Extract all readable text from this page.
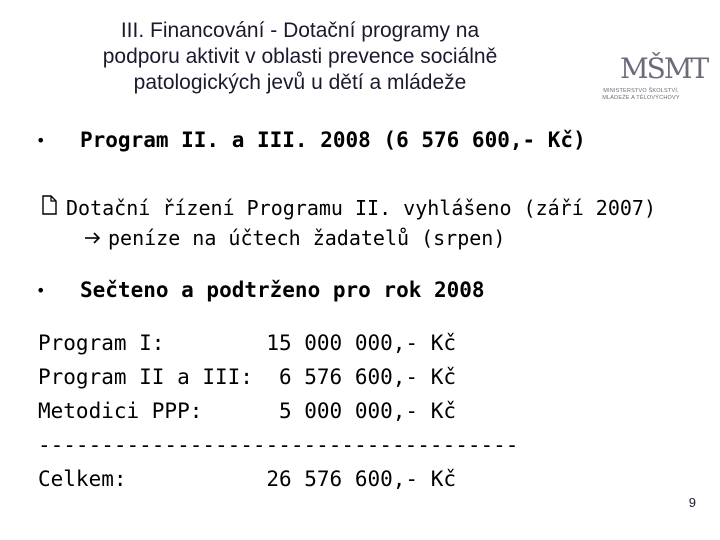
III. Financování - Dotační programy na
podporu aktivit v oblasti prevence sociálně
patologických jevů u dětí a mládeže	MŠMT
MINISTERSTVO ŠKOLSTVÍ,
MLÁDEŽE A TĚLOVÝCHOVY
• Program II. a III. 2008 (6 576 600,- Kč)
Dotační řízení Programu II. vyhlášeno (září 2007)
peníze na účtech žadatelů (srpen)
• Sečteno a podtrženo pro rok 2008
Program I:	15 000 000,- Kč
Program II a III: 6 576 600,- Kč
Metodici PPP:	5 000 000,- Kč
--------------------------------------
Celkem:	26 576 600,- Kč
9
